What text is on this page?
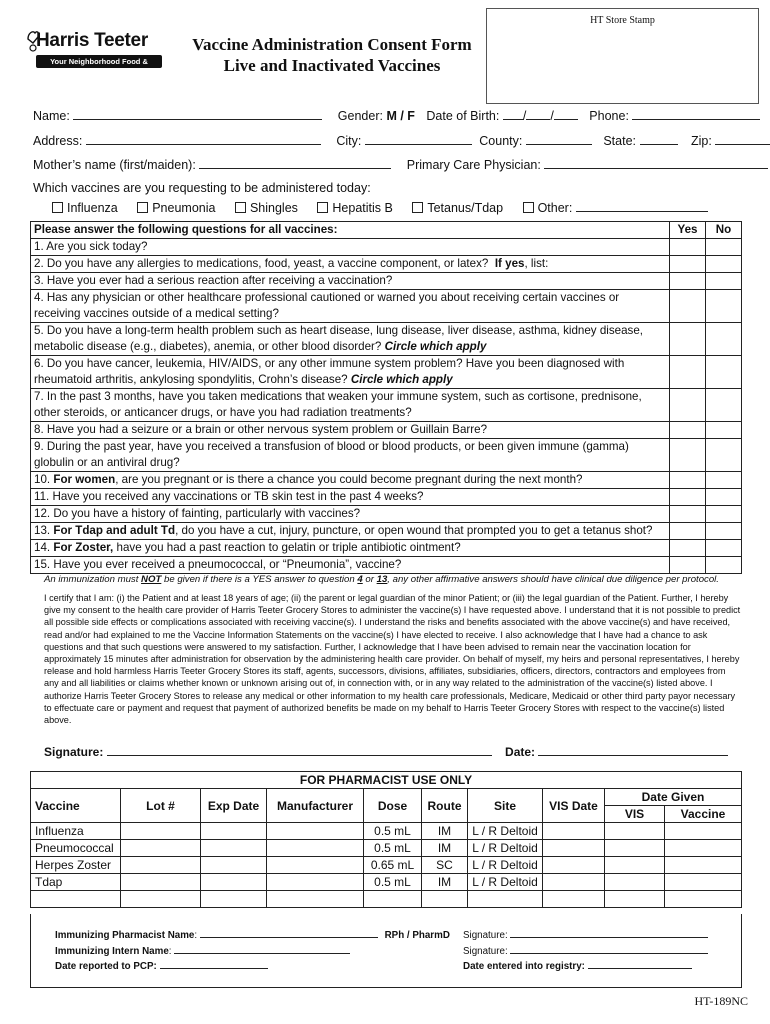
HT Store Stamp
Harris Teeter
Your Neighborhood Food & Pharmacy
Vaccine Administration Consent Form
Live and Inactivated Vaccines
Name:	Gender: M / F Date of Birth: / /	Phone:
Address:	City:	County:	State:	Zip:
Mother’s name (first/maiden):	Primary Care Physician:
Which vaccines are you requesting to be administered today:
Influenza	Pneumonia	Shingles	Hepatitis B	Tetanus/Tdap	Other:
Please answer the following questions for all vaccines:	Yes	No
1. Are you sick today?		
2. Do you have any allergies to medications, food, yeast, a vaccine component, or latex? If yes, list:		
3. Have you ever had a serious reaction after receiving a vaccination?		
4. Has any physician or other healthcare professional cautioned or warned you about receiving certain vaccines or receiving vaccines outside of a medical setting?		
5. Do you have a long-term health problem such as heart disease, lung disease, liver disease, asthma, kidney disease, metabolic disease (e.g., diabetes), anemia, or other blood disorder? Circle which apply		
6. Do you have cancer, leukemia, HIV/AIDS, or any other immune system problem? Have you been diagnosed with rheumatoid arthritis, ankylosing spondylitis, Crohn’s disease? Circle which apply		
7. In the past 3 months, have you taken medications that weaken your immune system, such as cortisone, prednisone, other steroids, or anticancer drugs, or have you had radiation treatments?		
8. Have you had a seizure or a brain or other nervous system problem or Guillain Barre?		
9. During the past year, have you received a transfusion of blood or blood products, or been given immune (gamma) globulin or an antiviral drug?		
10. For women, are you pregnant or is there a chance you could become pregnant during the next month?		
11. Have you received any vaccinations or TB skin test in the past 4 weeks?		
12. Do you have a history of fainting, particularly with vaccines?		
13. For Tdap and adult Td, do you have a cut, injury, puncture, or open wound that prompted you to get a tetanus shot?		
14. For Zoster, have you had a past reaction to gelatin or triple antibiotic ointment?		
15. Have you ever received a pneumococcal, or “Pneumonia”, vaccine?		
An immunization must NOT be given if there is a YES answer to question 4 or 13, any other affirmative answers should have clinical due diligence per protocol.
I certify that I am: (i) the Patient and at least 18 years of age; (ii) the parent or legal guardian of the minor Patient; or (iii) the legal guardian of the Patient. Further, I hereby give my consent to the health care provider of Harris Teeter Grocery Stores to administer the vaccine(s) I have requested above. I understand that it is not possible to predict all possible side effects or complications associated with receiving vaccine(s). I understand the risks and benefits associated with the above vaccine(s) and have received, read and/or had explained to me the Vaccine Information Statements on the vaccine(s) I have elected to receive. I also acknowledge that I have had a chance to ask questions and that such questions were answered to my satisfaction. Further, I acknowledge that I have been advised to remain near the vaccination location for approximately 15 minutes after administration for observation by the administering health care provider. On behalf of myself, my heirs and personal representatives, I hereby release and hold harmless Harris Teeter Grocery Stores its staff, agents, successors, divisions, affiliates, subsidiaries, officers, directors, contractors and employees from any and all liabilities or claims whether known or unknown arising out of, in connection with, or in any way related to the administration of the vaccine(s) listed above. I authorize Harris Teeter Grocery Stores to release any medical or other information to my health care professionals, Medicare, Medicaid or other third party payor necessary to effectuate care or payment and request that payment of authorized benefits be made on my behalf to Harris Teeter Grocery Stores with respect to the vaccine(s) listed above.
Signature:	Date:
FOR PHARMACIST USE ONLY									
Vaccine	Lot #	Exp Date	Manufacturer	Dose	Route	Site	VIS Date	Date Given	
								VIS	Vaccine
Influenza				0.5 mL	IM	L / R Deltoid			
Pneumococcal				0.5 mL	IM	L / R Deltoid			
Herpes Zoster				0.65 mL	SC	L / R Deltoid			
Tdap				0.5 mL	IM	L / R Deltoid			

Immunizing Pharmacist Name:	RPh / PharmD Signature:
Immunizing Intern Name:	Signature:
Date reported to PCP:	Date entered into registry:
HT-189NC
